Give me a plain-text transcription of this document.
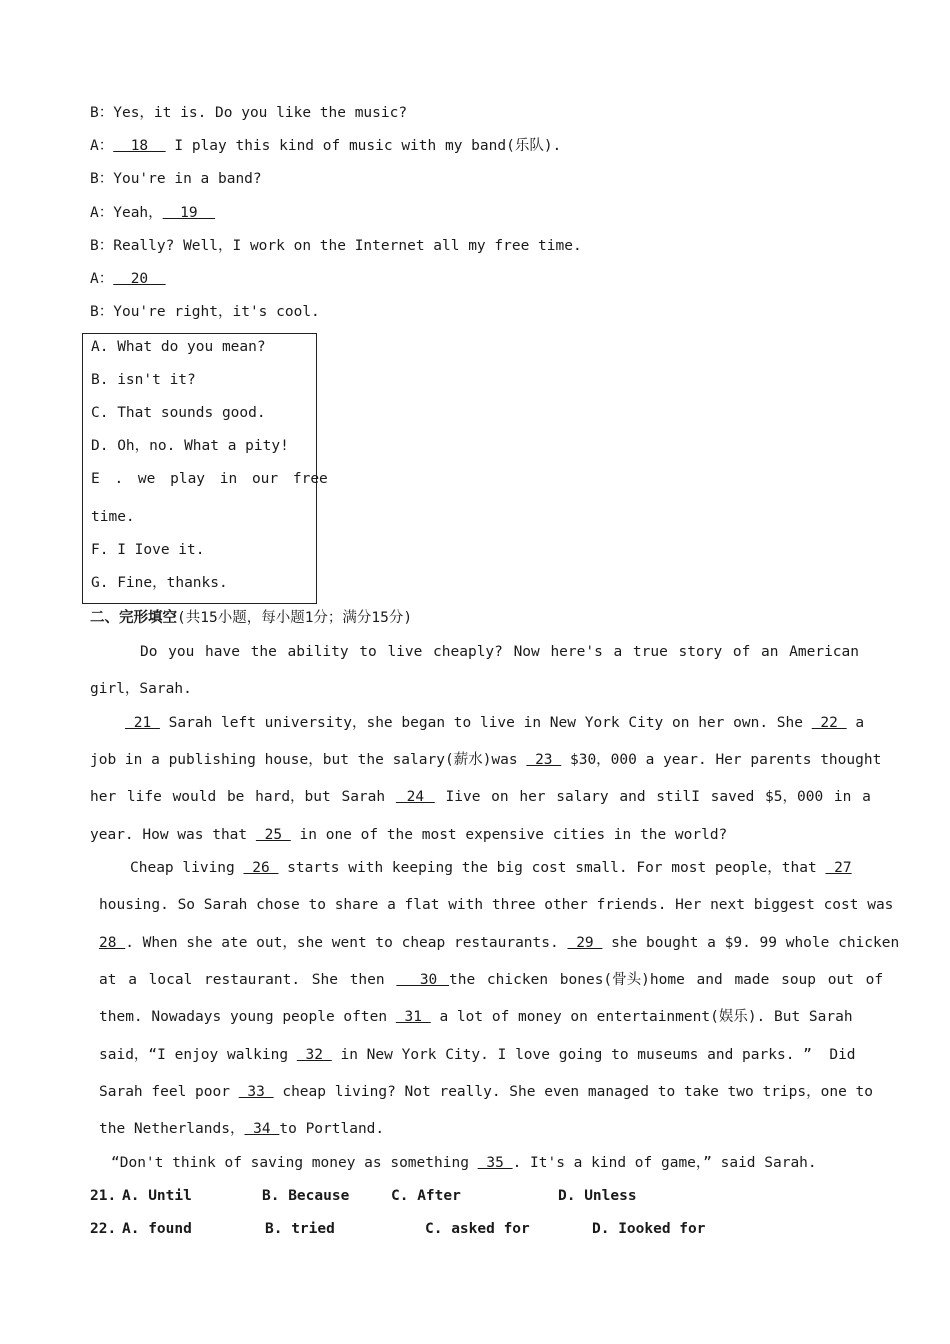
B：Yes，it is. Do you like the music?
A：  18   I play this kind of music with my band(乐队).
B：You're in a band?
A：Yeah，  19
B：Really? Well，I work on the Internet all my free time.
A：  20
B：You're right，it's cool.
A. What do you mean?
B. isn't it?
C. That sounds good.
D. Oh，no. What a pity!
E . we play in our free
time.
F. I Iove it.
G. Fine，thanks.
二、完形填空(共15小题，每小题1分；满分15分)
Do you have the ability to live cheaply? Now here's a true story of an American
girl，Sarah.
21  Sarah left university，she began to live in New York City on her own. She  22  a
job in a publishing house，but the salary(薪水)was  23  $30，000 a year. Her parents thought
her life would be hard，but Sarah  24  Iive on her salary and stilI saved $5，000 in a
year. How was that  25  in one of the most expensive cities in the world?
Cheap living  26  starts with keeping the big cost small. For most people，that  27
housing. So Sarah chose to share a flat with three other friends. Her next biggest cost was
28 . When she ate out，she went to cheap restaurants.  29  she bought a $9. 99 whole chicken
at a local restaurant. She then   30 the chicken bones(骨头)home and made soup out of
them. Nowadays young people often  31  a lot of money on entertainment(娱乐). But Sarah
said，“I enjoy walking  32  in New York City. I love going to museums and parks. ”  Did
Sarah feel poor  33  cheap living? Not really. She even managed to take two trips，one to
the Netherlands， 34 to Portland.
“Don't think of saving money as something  35 . It's a kind of game，” said Sarah.
21. A. Until	B. Because	C. After	D. Unless
22. A. found	B. tried	C. asked for	D. Iooked for
